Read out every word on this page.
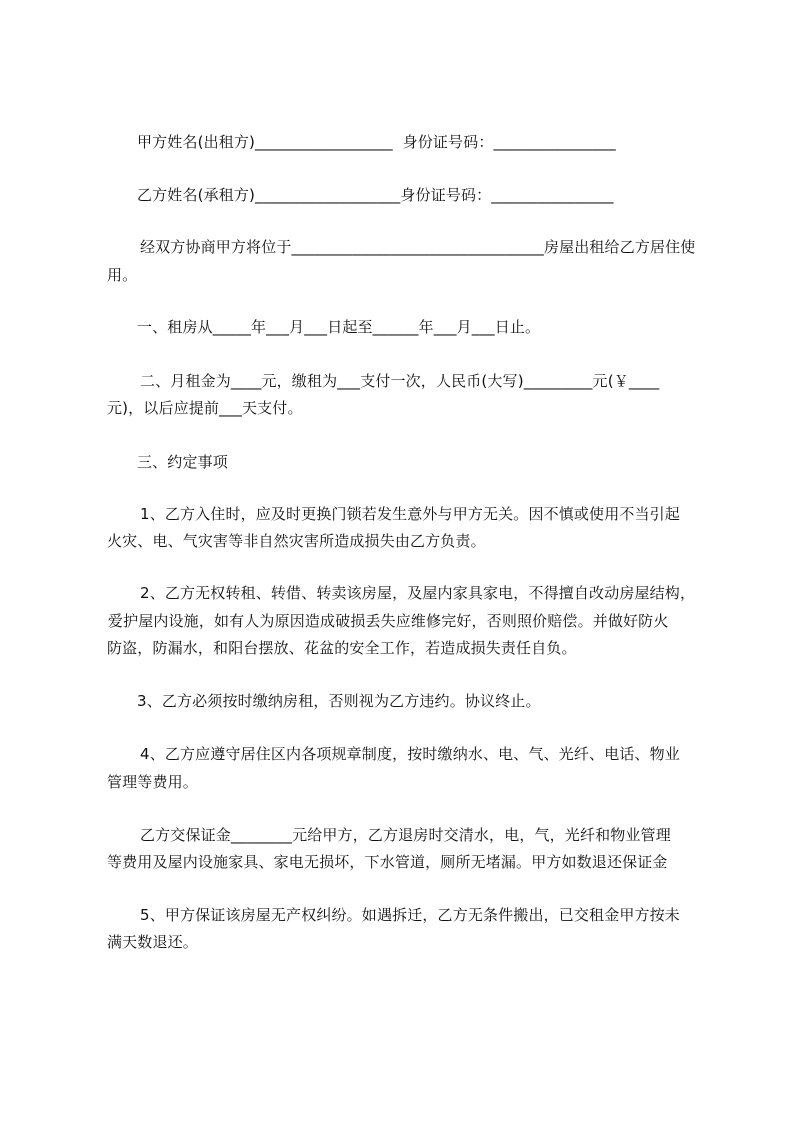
甲方姓名(出租方)__________________  身份证号码：________________

乙方姓名(承租方)___________________身份证号码：________________

经双方协商甲方将位于_________________________________房屋出租给乙方居住使

用。

一、租房从_____年___月___日起至______年___月___日止。

二、月租金为____元，缴租为___支付一次，人民币(大写)_________元(￥____

元)，以后应提前___天支付。

三、约定事项

1、乙方入住时，应及时更换门锁若发生意外与甲方无关。因不慎或使用不当引起

火灾、电、气灾害等非自然灾害所造成损失由乙方负责。

2、乙方无权转租、转借、转卖该房屋，及屋内家具家电，不得擅自改动房屋结构，

爱护屋内设施，如有人为原因造成破损丢失应维修完好，否则照价赔偿。并做好防火

防盗，防漏水，和阳台摆放、花盆的安全工作，若造成损失责任自负。

3、乙方必须按时缴纳房租，否则视为乙方违约。协议终止。

4、乙方应遵守居住区内各项规章制度，按时缴纳水、电、气、光纤、电话、物业

管理等费用。

乙方交保证金________元给甲方，乙方退房时交清水，电，气，光纤和物业管理

等费用及屋内设施家具、家电无损坏，下水管道，厕所无堵漏。甲方如数退还保证金

5、甲方保证该房屋无产权纠纷。如遇拆迁，乙方无条件搬出，已交租金甲方按未

满天数退还。
